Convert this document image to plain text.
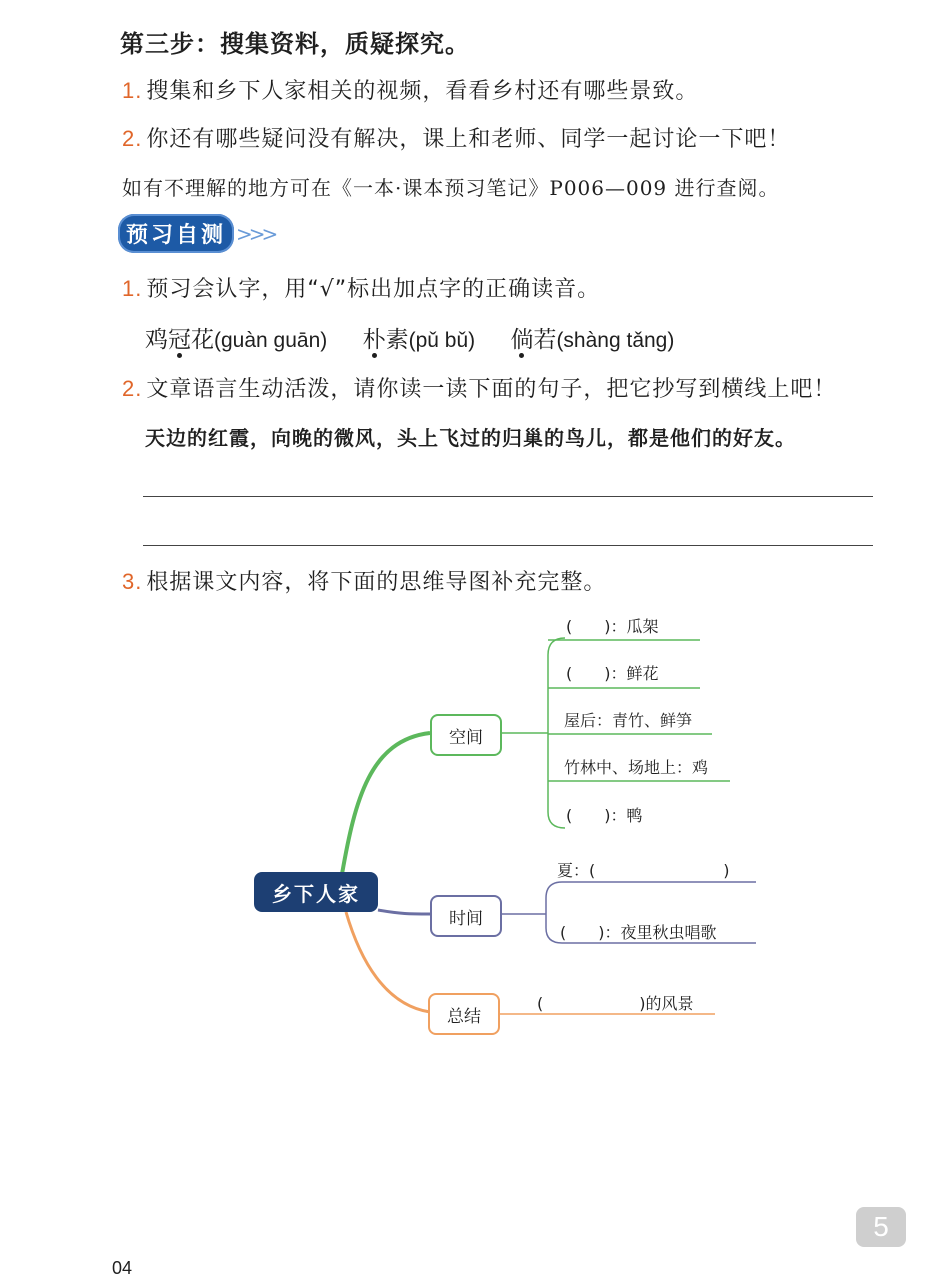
第三步：搜集资料，质疑探究。
1. 搜集和乡下人家相关的视频，看看乡村还有哪些景致。
2. 你还有哪些疑问没有解决，课上和老师、同学一起讨论一下吧！
如有不理解的地方可在《一本·课本预习笔记》P006—009 进行查阅。
预习自测 >>>
1. 预习会认字，用“√”标出加点字的正确读音。
鸡冠花(guàn guān) 朴素(pǔ bǔ) 倘若(shàng tǎng)
2. 文章语言生动活泼，请你读一读下面的句子，把它抄写到横线上吧！
天边的红霞，向晚的微风，头上飞过的归巢的鸟儿，都是他们的好友。
3. 根据课文内容，将下面的思维导图补充完整。
乡下人家
空间
时间
总结
(　　)：瓜架
(　　)：鲜花
屋后：青竹、鲜笋
竹林中、场地上：鸡
(　　)：鸭
夏：(　　　　　　　　)
(　　)：夜里秋虫唱歌
(　　　　　　)的风景
04
5
